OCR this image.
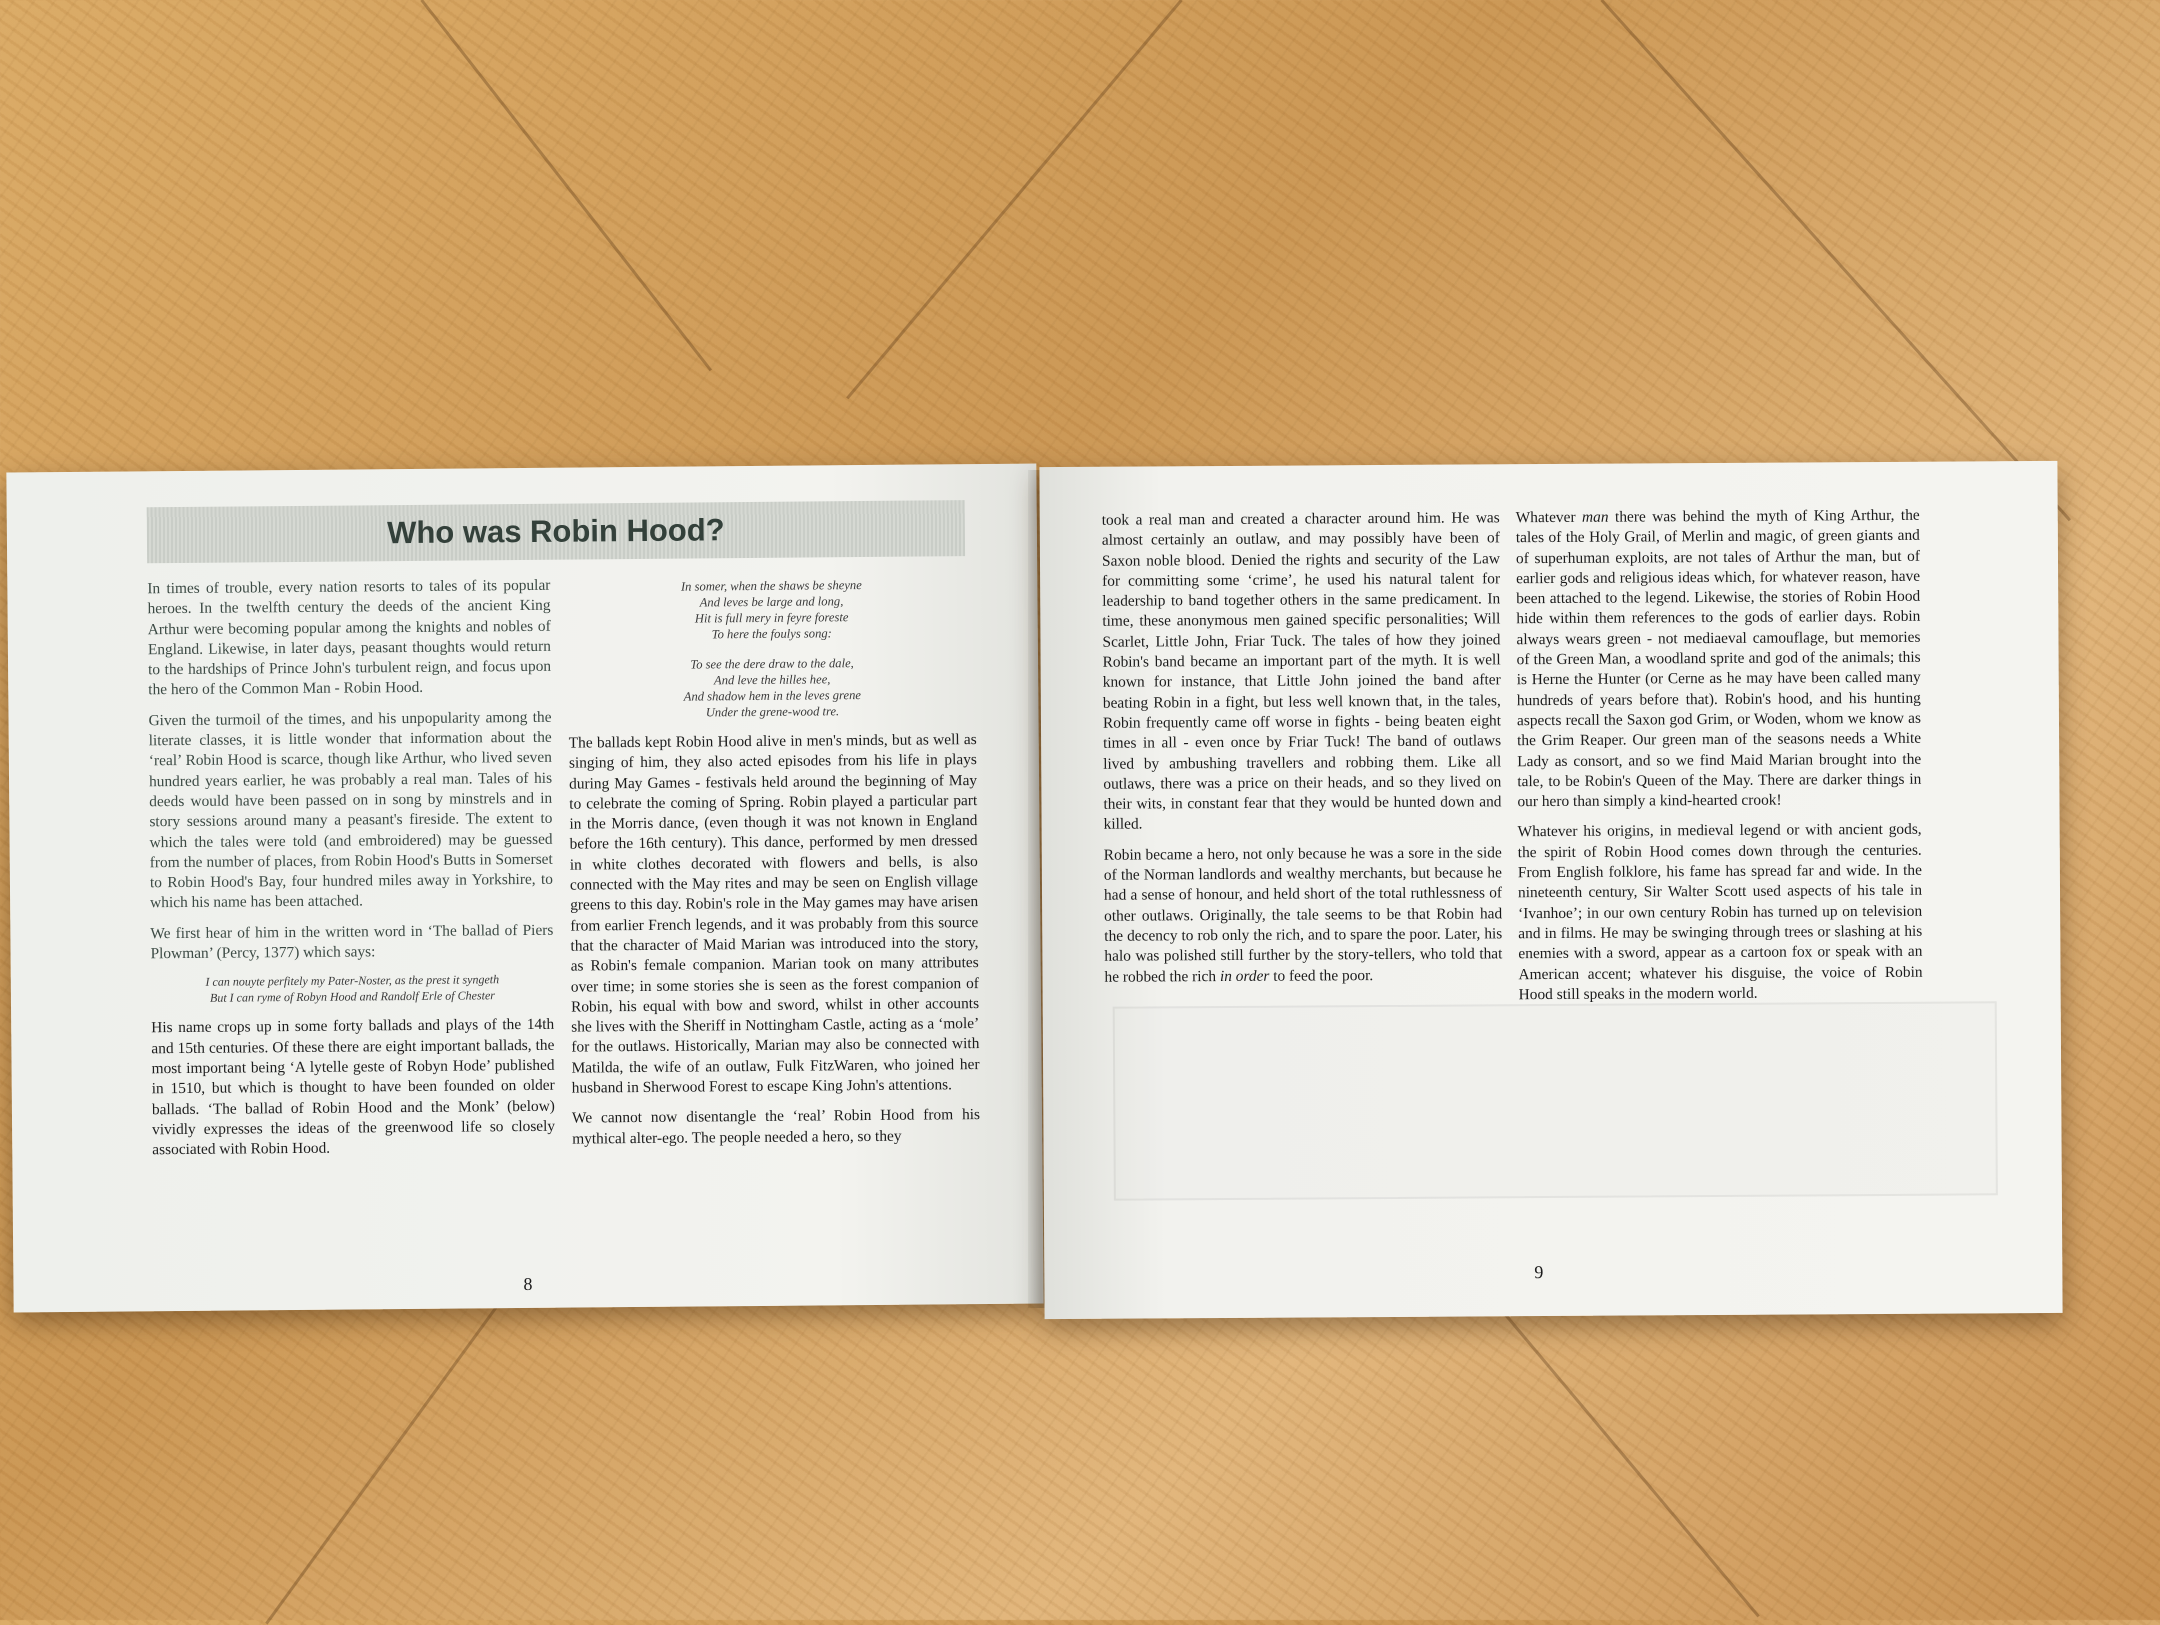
Who was Robin Hood?

In times of trouble, every nation resorts to tales of its popular heroes. In the twelfth century the deeds of the ancient King Arthur were becoming popular among the knights and nobles of England. Likewise, in later days, peasant thoughts would return to the hardships of Prince John's turbulent reign, and focus upon the hero of the Common Man - Robin Hood.

Given the turmoil of the times, and his unpopularity among the literate classes, it is little wonder that information about the ‘real’ Robin Hood is scarce, though like Arthur, who lived seven hundred years earlier, he was probably a real man. Tales of his deeds would have been passed on in song by minstrels and in story sessions around many a peasant's fireside. The extent to which the tales were told (and embroidered) may be guessed from the number of places, from Robin Hood's Butts in Somerset to Robin Hood's Bay, four hundred miles away in Yorkshire, to which his name has been attached.

We first hear of him in the written word in ‘The ballad of Piers Plowman’ (Percy, 1377) which says:

I can nouyte perfitely my Pater-Noster, as the prest it syngeth
But I can ryme of Robyn Hood and Randolf Erle of Chester

His name crops up in some forty ballads and plays of the 14th and 15th centuries. Of these there are eight important ballads, the most important being ‘A lytelle geste of Robyn Hode’ published in 1510, but which is thought to have been founded on older ballads. ‘The ballad of Robin Hood and the Monk’ (below) vividly expresses the ideas of the greenwood life so closely associated with Robin Hood.

In somer, when the shaws be sheyne
And leves be large and long,
Hit is full mery in feyre foreste
To here the foulys song:
To see the dere draw to the dale,
And leve the hilles hee,
And shadow hem in the leves grene
Under the grene-wood tre.

The ballads kept Robin Hood alive in men's minds, but as well as singing of him, they also acted episodes from his life in plays during May Games - festivals held around the beginning of May to celebrate the coming of Spring. Robin played a particular part in the Morris dance, (even though it was not known in England before the 16th century). This dance, performed by men dressed in white clothes decorated with flowers and bells, is also connected with the May rites and may be seen on English village greens to this day. Robin's role in the May games may have arisen from earlier French legends, and it was probably from this source that the character of Maid Marian was introduced into the story, as Robin's female companion. Marian took on many attributes over time; in some stories she is seen as the forest companion of Robin, his equal with bow and sword, whilst in other accounts she lives with the Sheriff in Nottingham Castle, acting as a ‘mole’ for the outlaws. Historically, Marian may also be connected with Matilda, the wife of an outlaw, Fulk FitzWaren, who joined her husband in Sherwood Forest to escape King John's attentions.

We cannot now disentangle the ‘real’ Robin Hood from his mythical alter-ego. The people needed a hero, so they

8

took a real man and created a character around him. He was almost certainly an outlaw, and may possibly have been of Saxon noble blood. Denied the rights and security of the Law for committing some ‘crime’, he used his natural talent for leadership to band together others in the same predicament. In time, these anonymous men gained specific personalities; Will Scarlet, Little John, Friar Tuck. The tales of how they joined Robin's band became an important part of the myth. It is well known for instance, that Little John joined the band after beating Robin in a fight, but less well known that, in the tales, Robin frequently came off worse in fights - being beaten eight times in all - even once by Friar Tuck! The band of outlaws lived by ambushing travellers and robbing them. Like all outlaws, there was a price on their heads, and so they lived on their wits, in constant fear that they would be hunted down and killed.

Robin became a hero, not only because he was a sore in the side of the Norman landlords and wealthy merchants, but because he had a sense of honour, and held short of the total ruthlessness of other outlaws. Originally, the tale seems to be that Robin had the decency to rob only the rich, and to spare the poor. Later, his halo was polished still further by the story-tellers, who told that he robbed the rich in order to feed the poor.

Whatever man there was behind the myth of King Arthur, the tales of the Holy Grail, of Merlin and magic, of green giants and of superhuman exploits, are not tales of Arthur the man, but of earlier gods and religious ideas which, for whatever reason, have been attached to the legend. Likewise, the stories of Robin Hood hide within them references to the gods of earlier days. Robin always wears green - not mediaeval camouflage, but memories of the Green Man, a woodland sprite and god of the animals; this is Herne the Hunter (or Cerne as he may have been called many hundreds of years before that). Robin's hood, and his hunting aspects recall the Saxon god Grim, or Woden, whom we know as the Grim Reaper. Our green man of the seasons needs a White Lady as consort, and so we find Maid Marian brought into the tale, to be Robin's Queen of the May. There are darker things in our hero than simply a kind-hearted crook!

Whatever his origins, in medieval legend or with ancient gods, the spirit of Robin Hood comes down through the centuries. From English folklore, his fame has spread far and wide. In the nineteenth century, Sir Walter Scott used aspects of his tale in ‘Ivanhoe’; in our own century Robin has turned up on television and in films. He may be swinging through trees or slashing at his enemies with a sword, appear as a cartoon fox or speak with an American accent; whatever his disguise, the voice of Robin Hood still speaks in the modern world.

9
